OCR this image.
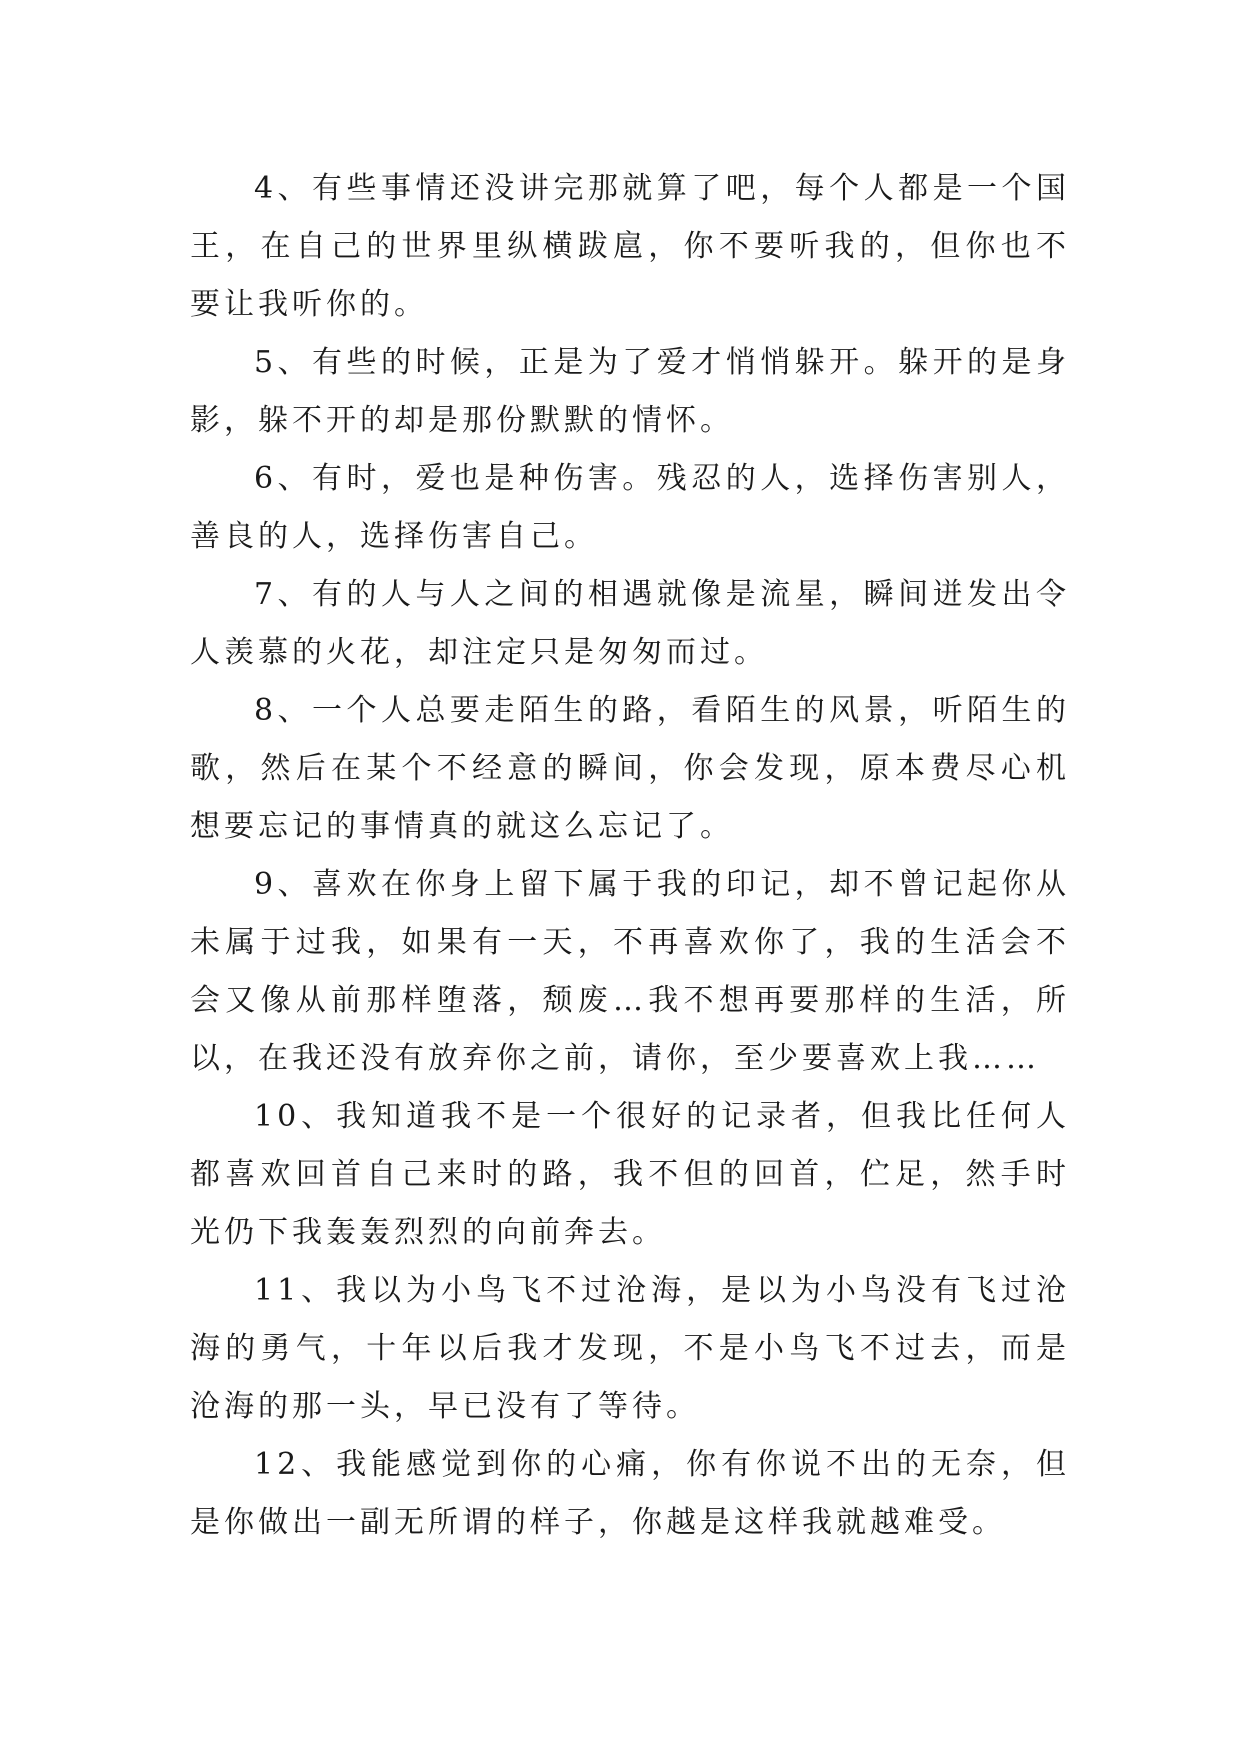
4、有些事情还没讲完那就算了吧，每个人都是一个国王，在自己的世界里纵横跋扈，你不要听我的，但你也不要让我听你的。

5、有些的时候，正是为了爱才悄悄躲开。躲开的是身影，躲不开的却是那份默默的情怀。

6、有时，爱也是种伤害。残忍的人，选择伤害别人，善良的人，选择伤害自己。

7、有的人与人之间的相遇就像是流星，瞬间迸发出令人羡慕的火花，却注定只是匆匆而过。

8、一个人总要走陌生的路，看陌生的风景，听陌生的歌，然后在某个不经意的瞬间，你会发现，原本费尽心机想要忘记的事情真的就这么忘记了。

9、喜欢在你身上留下属于我的印记，却不曾记起你从未属于过我，如果有一天，不再喜欢你了，我的生活会不会又像从前那样堕落，颓废…我不想再要那样的生活，所以，在我还没有放弃你之前，请你，至少要喜欢上我……

10、我知道我不是一个很好的记录者，但我比任何人都喜欢回首自己来时的路，我不但的回首，伫足，然手时光仍下我轰轰烈烈的向前奔去。

11、我以为小鸟飞不过沧海，是以为小鸟没有飞过沧海的勇气，十年以后我才发现，不是小鸟飞不过去，而是沧海的那一头，早已没有了等待。

12、我能感觉到你的心痛，你有你说不出的无奈，但是你做出一副无所谓的样子，你越是这样我就越难受。
